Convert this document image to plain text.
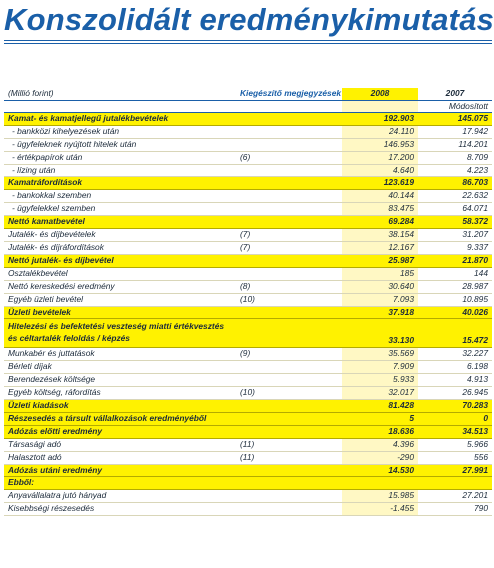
Konszolidált eredménykimutatás
(Millió forint)	Kiegészítő megjegyzések	2008	2007
			Módosított
Kamat- és kamatjellegű jutalékbevételek		192.903	145.075
- bankközi kihelyezések után		24.110	17.942
- ügyfeleknek nyújtott hitelek után		146.953	114.201
- értékpapírok után	(6)	17.200	8.709
- lízing után		4.640	4.223
Kamatráfordítások		123.619	86.703
- bankokkal szemben		40.144	22.632
- ügyfelekkel szemben		83.475	64.071
Nettó kamatbevétel		69.284	58.372
Jutalék- és díjbevételek	(7)	38.154	31.207
Jutalék- és díjráfordítások	(7)	12.167	9.337
Nettó jutalék- és díjbevétel		25.987	21.870
Osztalékbevétel		185	144
Nettó kereskedési eredmény	(8)	30.640	28.987
Egyéb üzleti bevétel	(10)	7.093	10.895
Üzleti bevételek		37.918	40.026
Hitelezési és befektetési veszteség miatti értékvesztés és céltartalék feloldás / képzés		33.130	15.472
Munkabér és juttatások	(9)	35.569	32.227
Bérleti díjak		7.909	6.198
Berendezések költsége		5.933	4.913
Egyéb költség, ráfordítás	(10)	32.017	26.945
Üzleti kiadások		81.428	70.283
Részesedés a társult vállalkozások eredményéből		5	0
Adózás előtti eredmény		18.636	34.513
Társasági adó	(11)	4.396	5.966
Halasztott adó	(11)	-290	556
Adózás utáni eredmény		14.530	27.991
Ebből:			
Anyavállalatra jutó hányad		15.985	27.201
Kisebbségi részesedés		-1.455	790
